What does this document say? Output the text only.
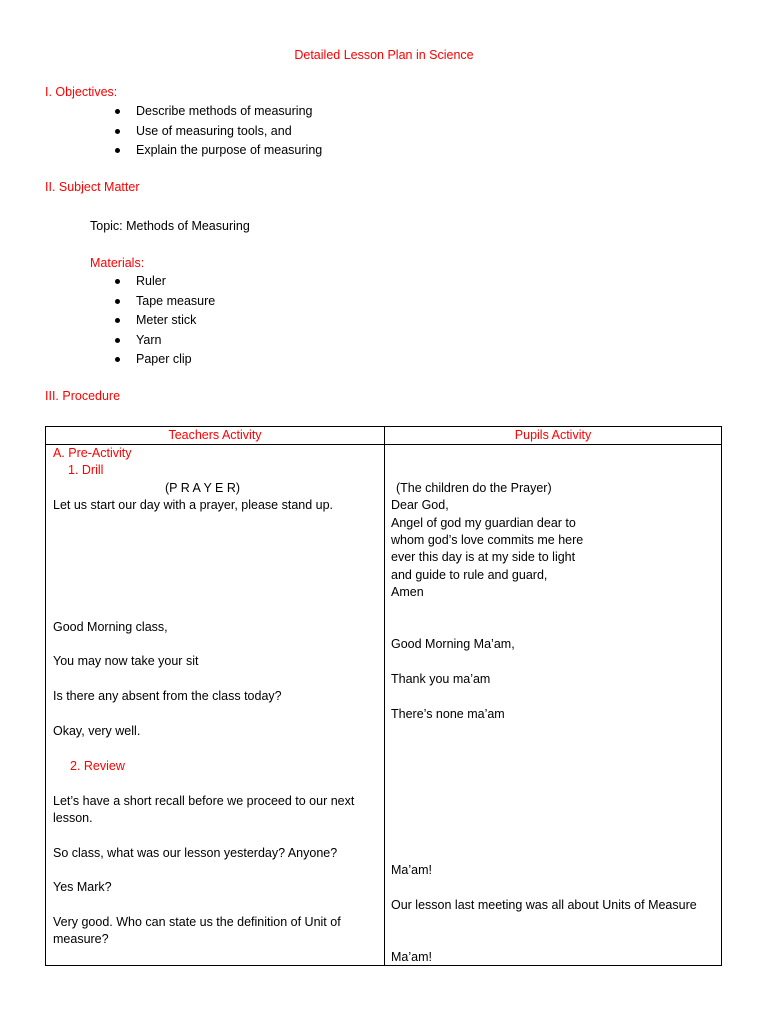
Detailed Lesson Plan in Science
I. Objectives:
Describe methods of measuring
Use of measuring tools, and
Explain the purpose of measuring
II. Subject Matter
Topic: Methods of Measuring
Materials:
Ruler
Tape measure
Meter stick
Yarn
Paper clip
III. Procedure
Teachers Activity	Pupils Activity
A. Pre-Activity
1. Drill
(P R A Y E R)
Let us start our day with a prayer, please stand up.
Good Morning class,
You may now take your sit
Is there any absent from the class today?
Okay, very well.
2. Review
Let’s have a short recall before we proceed to our next
lesson.
So class, what was our lesson yesterday? Anyone?
Yes Mark?
Very good. Who can state us the definition of Unit of
measure?
(The children do the Prayer)
Dear God,
Angel of god my guardian dear to
whom god’s love commits me here
ever this day is at my side to light
and guide to rule and guard,
Amen
Good Morning Ma’am,
Thank you ma’am
There’s none ma’am
Ma’am!
Our lesson last meeting was all about Units of Measure
Ma’am!
